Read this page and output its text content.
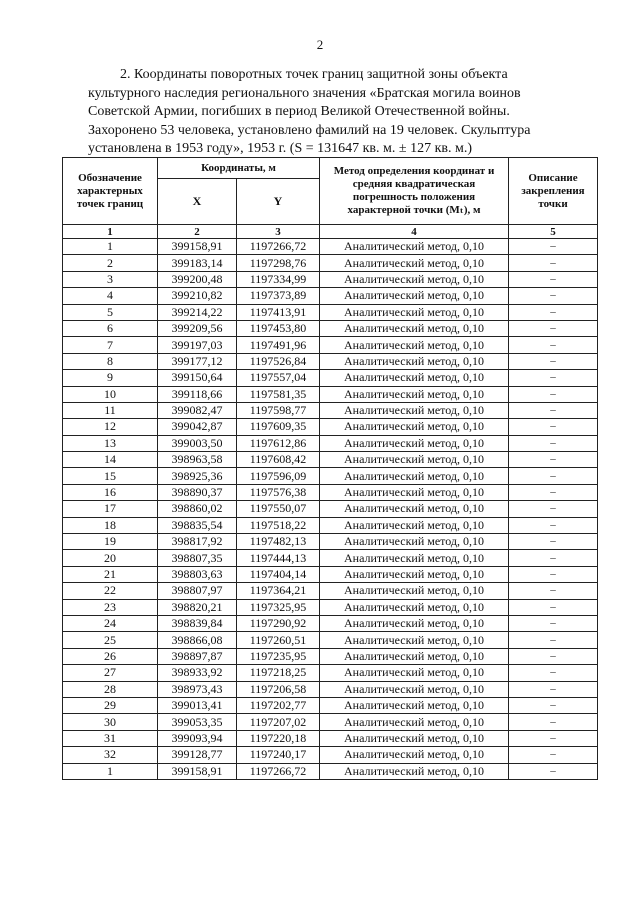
2

2. Координаты поворотных точек границ защитной зоны объекта
культурного наследия регионального значения «Братская могила воинов
Советской Армии, погибших в период Великой Отечественной войны.
Захоронено 53 человека, установлено фамилий на 19 человек. Скульптура
установлена в 1953 году», 1953 г. (S = 131647 кв. м. ± 127 кв. м.)

Обозначение характерных точек границ	Координаты, м		Метод определения координат и средняя квадратическая погрешность положения характерной точки (Mₜ), м	Описание закрепления точки
	X	Y		
1	2	3	4	5
1	399158,91	1197266,72	Аналитический метод, 0,10	–
2	399183,14	1197298,76	Аналитический метод, 0,10	–
3	399200,48	1197334,99	Аналитический метод, 0,10	–
4	399210,82	1197373,89	Аналитический метод, 0,10	–
5	399214,22	1197413,91	Аналитический метод, 0,10	–
6	399209,56	1197453,80	Аналитический метод, 0,10	–
7	399197,03	1197491,96	Аналитический метод, 0,10	–
8	399177,12	1197526,84	Аналитический метод, 0,10	–
9	399150,64	1197557,04	Аналитический метод, 0,10	–
10	399118,66	1197581,35	Аналитический метод, 0,10	–
11	399082,47	1197598,77	Аналитический метод, 0,10	–
12	399042,87	1197609,35	Аналитический метод, 0,10	–
13	399003,50	1197612,86	Аналитический метод, 0,10	–
14	398963,58	1197608,42	Аналитический метод, 0,10	–
15	398925,36	1197596,09	Аналитический метод, 0,10	–
16	398890,37	1197576,38	Аналитический метод, 0,10	–
17	398860,02	1197550,07	Аналитический метод, 0,10	–
18	398835,54	1197518,22	Аналитический метод, 0,10	–
19	398817,92	1197482,13	Аналитический метод, 0,10	–
20	398807,35	1197444,13	Аналитический метод, 0,10	–
21	398803,63	1197404,14	Аналитический метод, 0,10	–
22	398807,97	1197364,21	Аналитический метод, 0,10	–
23	398820,21	1197325,95	Аналитический метод, 0,10	–
24	398839,84	1197290,92	Аналитический метод, 0,10	–
25	398866,08	1197260,51	Аналитический метод, 0,10	–
26	398897,87	1197235,95	Аналитический метод, 0,10	–
27	398933,92	1197218,25	Аналитический метод, 0,10	–
28	398973,43	1197206,58	Аналитический метод, 0,10	–
29	399013,41	1197202,77	Аналитический метод, 0,10	–
30	399053,35	1197207,02	Аналитический метод, 0,10	–
31	399093,94	1197220,18	Аналитический метод, 0,10	–
32	399128,77	1197240,17	Аналитический метод, 0,10	–
1	399158,91	1197266,72	Аналитический метод, 0,10	–
